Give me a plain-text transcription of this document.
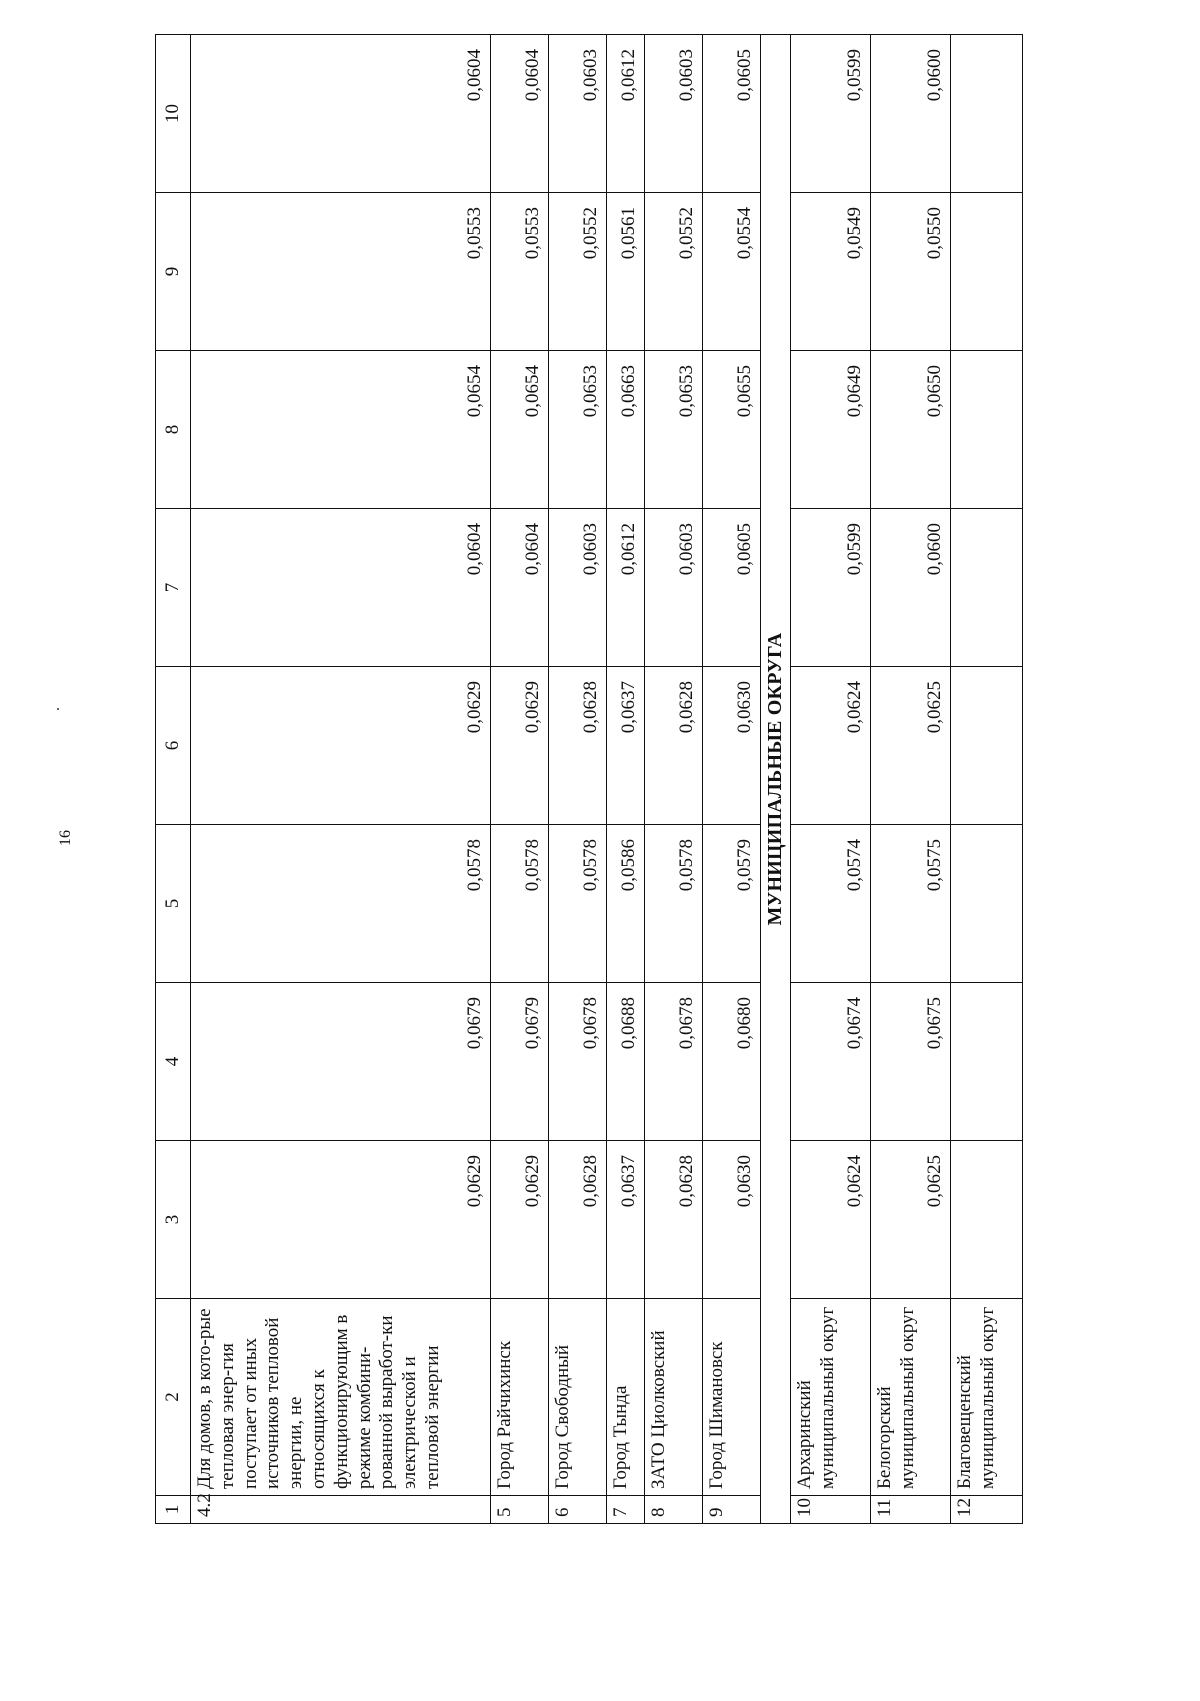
16
1	2	3	4	5	6	7	8	9	10
4.2	Для домов, в кото-рые тепловая энер-гия поступает от иных источников тепловой энергии, не относящихся к функционирующим в режиме комбини-рованной выработ-ки электрической и тепловой энергии	0,0629	0,0679	0,0578	0,0629	0,0604	0,0654	0,0553	0,0604
5	Город Райчихинск	0,0629	0,0679	0,0578	0,0629	0,0604	0,0654	0,0553	0,0604
6	Город Свободный	0,0628	0,0678	0,0578	0,0628	0,0603	0,0653	0,0552	0,0603
7	Город Тында	0,0637	0,0688	0,0586	0,0637	0,0612	0,0663	0,0561	0,0612
8	ЗАТО Циолковский	0,0628	0,0678	0,0578	0,0628	0,0603	0,0653	0,0552	0,0603
9	Город Шимановск	0,0630	0,0680	0,0579	0,0630	0,0605	0,0655	0,0554	0,0605
МУНИЦИПАЛЬНЫЕ ОКРУГА									
10	Архаринский муниципальный округ	0,0624	0,0674	0,0574	0,0624	0,0599	0,0649	0,0549	0,0599
11	Белогорский муниципальный округ	0,0625	0,0675	0,0575	0,0625	0,0600	0,0650	0,0550	0,0600
12	Благовещенский муниципальный округ								
